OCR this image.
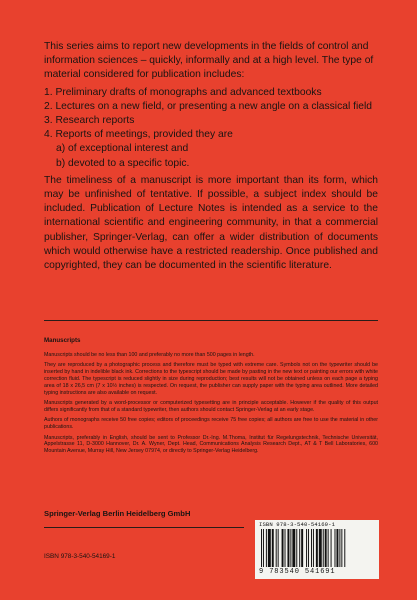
This series aims to report new developments in the fields of control and information sciences – quickly, informally and at a high level. The type of material considered for publication includes:

1. Preliminary drafts of monographs and advanced textbooks

2. Lectures on a new field, or presenting a new angle on a classical field

3. Research reports

4. Reports of meetings, provided they are

a) of exceptional interest and

b) devoted to a specific topic.

The timeliness of a manuscript is more important than its form, which may be unfinished of tentative. If possible, a subject index should be included. Publication of Lecture Notes is intended as a service to the international scientific and engineering community, in that a commercial publisher, Springer-Verlag, can offer a wider distribution of documents which would otherwise have a restricted readership. Once published and copyrighted, they can be documented in the scientific literature.

Manuscripts

Manuscripts should be no less than 100 and preferably no more than 500 pages in length.

They are reproduced by a photographic process and therefore must be typed with extreme care. Symbols not on the typewriter should be inserted by hand in indelible black ink. Corrections to the typescript should be made by pasting in the new text or painting our errors with white correction fluid. The typescript is reduced slightly in size during reproduction; best results will not be obtained unless on each page a typing area of 18 x 26,5 cm (7 x 10½ inches) is respected. On request, the publisher can supply paper with the typing area outlined. More detailed typing instructions are also available on request.

Manuscripts generated by a word-processor or computerized typesetting are in principle acceptable. However if the quality of this output differs significantly from that of a standard typewriter, then authors should contact Springer-Verlag at an early stage.

Authors of monographs receive 50 free copies; editors of proceedings receive 75 free copies; all authors are free to use the material in other publications.

Manuscripts, preferably in English, should be sent to Professor Dr.-Ing. M.Thoma, Institut für Regelungstechnik, Technische Universität, Appelstrasse 11, D-3000 Hannover, Dr. A. Wyner, Dept. Head, Communications Analysis Research Dept., AT & T Bell Laboratories, 600 Mountain Avenue, Murray Hill, New Jersey 07974, or directly to Springer-Verlag Heidelberg.

Springer-Verlag Berlin Heidelberg GmbH
ISBN 978-3-540-54169-1
ISBN 978-3-540-54169-1
9 783540 541691
